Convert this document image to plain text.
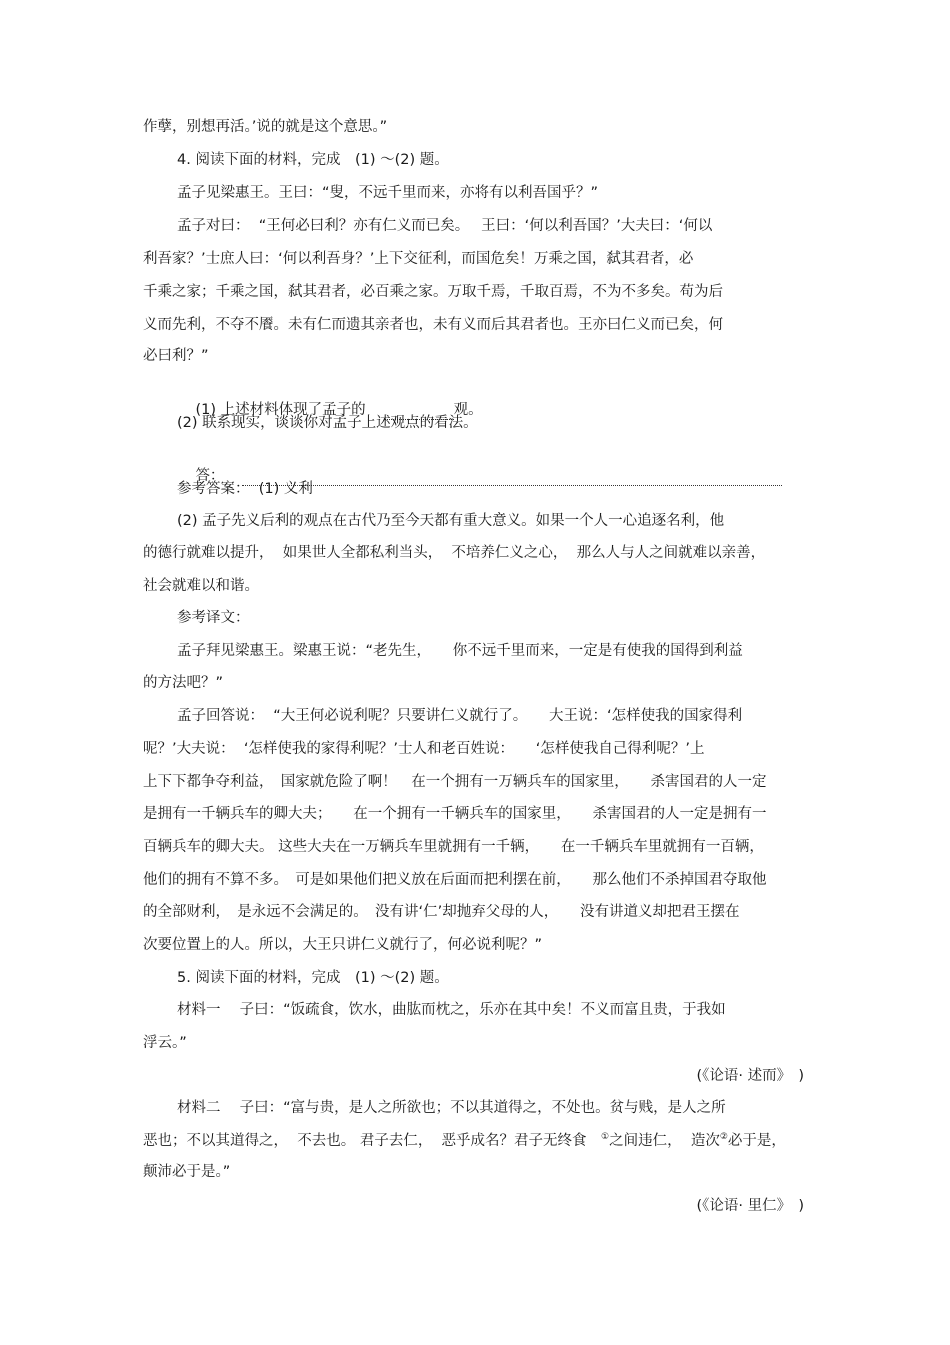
作孽，别想再活。’说的就是这个意思。”
4. 阅读下面的材料，完成　(1) ～(2) 题。
孟子见梁惠王。王曰：“叟，不远千里而来，亦将有以利吾国乎？”
孟子对曰：  “王何必曰利？亦有仁义而已矣。　 王曰：‘何以利吾国？’大夫曰：‘何以
利吾家？’士庶人曰：‘何以利吾身？’上下交征利，而国危矣！万乘之国，弑其君者，必
千乘之家；千乘之国，弑其君者，必百乘之家。万取千焉，千取百焉，不为不多矣。苟为后
义而先利，不夺不餍。未有仁而遗其亲者也，未有义而后其君者也。王亦曰仁义而已矣，何
必曰利？”

(1) 上述材料体现了孟子的	观。

(2) 联系现实，谈谈你对孟子上述观点的看法。

答：

参考答案：  (1) 义利
(2) 孟子先义后利的观点在古代乃至今天都有重大意义。如果一个人一心追逐名利，他
的德行就难以提升，  如果世人全都私利当头，  不培养仁义之心，  那么人与人之间就难以亲善，
社会就难以和谐。
参考译文：
孟子拜见梁惠王。梁惠王说：“老先生，　　你不远千里而来，一定是有使我的国得到利益
的方法吧？”
孟子回答说：  “大王何必说利呢？只要讲仁义就行了。　　大王说：‘怎样使我的国家得利
呢？’大夫说：  ‘怎样使我的家得利呢？’士人和老百姓说：　　‘怎样使我自己得利呢？’上
上下下都争夺利益，　国家就危险了啊！　在一个拥有一万辆兵车的国家里，　　杀害国君的人一定
是拥有一千辆兵车的卿大夫；　　在一个拥有一千辆兵车的国家里，　　杀害国君的人一定是拥有一
百辆兵车的卿大夫。 这些大夫在一万辆兵车里就拥有一千辆，　　在一千辆兵车里就拥有一百辆，
他们的拥有不算不多。　可是如果他们把义放在后面而把利摆在前，　　那么他们不杀掉国君夺取他
的全部财利，　是永远不会满足的。　没有讲‘仁’却抛弃父母的人，　　没有讲道义却把君王摆在
次要位置上的人。所以，大王只讲仁义就行了，何必说利呢？”
5. 阅读下面的材料，完成　(1) ～(2) 题。
材料一　 子曰：“饭疏食，饮水，曲肱而枕之，乐亦在其中矣！不义而富且贵，于我如
浮云。”
(《论语· 述而》　)
材料二　 子曰：“富与贵，是人之所欲也；不以其道得之，不处也。贫与贱，是人之所
恶也；不以其道得之，  不去也。 君子去仁，  恶乎成名？君子无终食　①之间违仁，  造次②必于是，
颠沛必于是。”
(《论语· 里仁》　)
